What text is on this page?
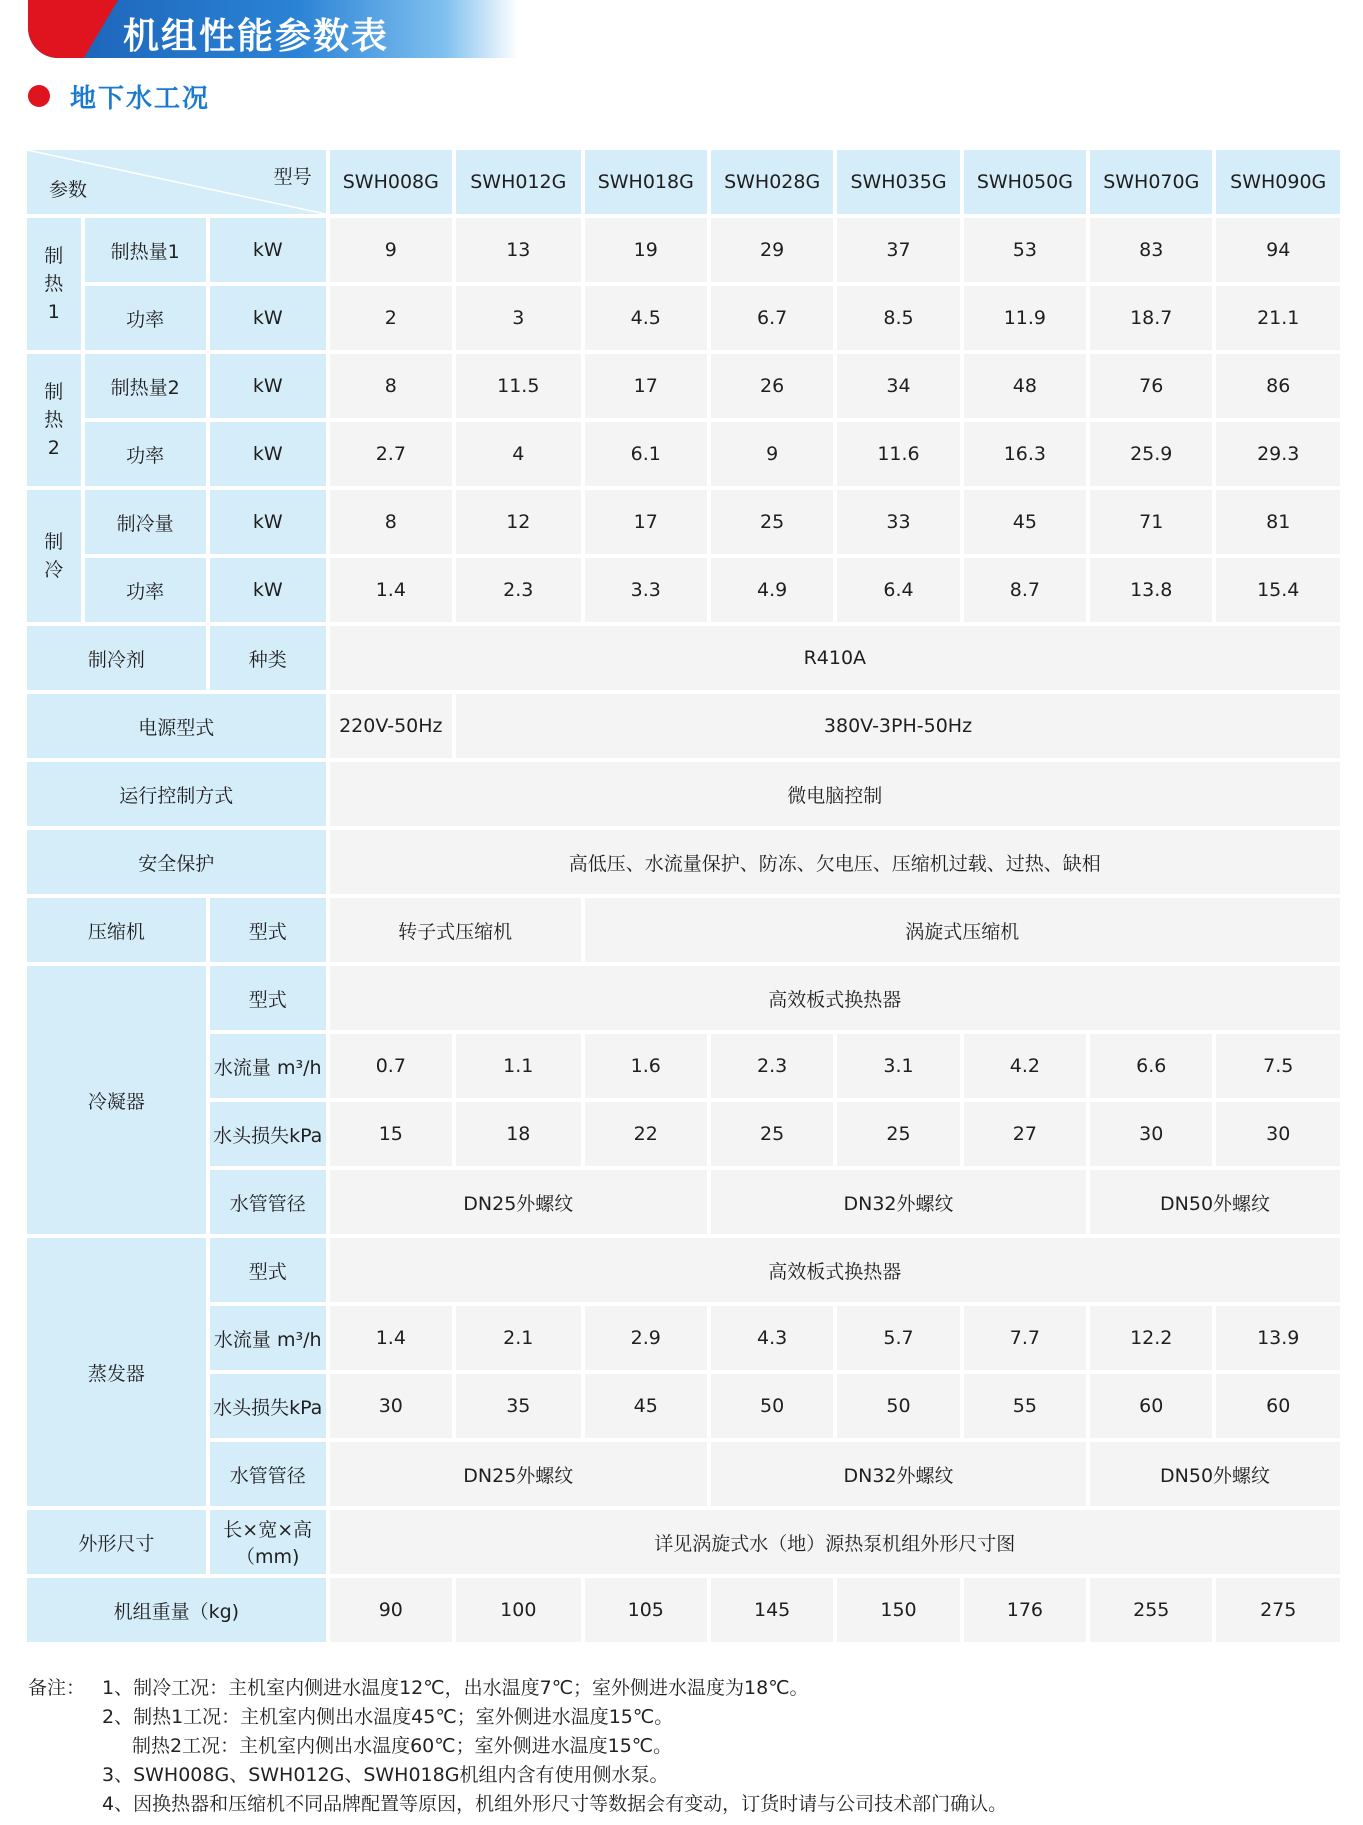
机组性能参数表
地下水工况
型号
参数			SWH008G	SWH012G	SWH018G	SWH028G	SWH035G	SWH050G	SWH070G	SWH090G

制
热
1	制热量1	kW	9	13	19	29	37	53	83	94
	功率	kW	2	3	4.5	6.7	8.5	11.9	18.7	21.1

制
热
2	制热量2	kW	8	11.5	17	26	34	48	76	86
	功率	kW	2.7	4	6.1	9	11.6	16.3	25.9	29.3

制
冷	制冷量	kW	8	12	17	25	33	45	71	81
	功率	kW	1.4	2.3	3.3	4.9	6.4	8.7	13.8	15.4
制冷剂		种类	R410A							
电源型式			220V-50Hz	380V-3PH-50Hz						
运行控制方式			微电脑控制							
安全保护			高低压、水流量保护、防冻、欠电压、压缩机过载、过热、缺相							
压缩机		型式	转子式压缩机		涡旋式压缩机					
冷凝器		型式	高效板式换热器							
		水流量 m³/h	0.7	1.1	1.6	2.3	3.1	4.2	6.6	7.5
		水头损失kPa	15	18	22	25	25	27	30	30
		水管管径	DN25外螺纹			DN32外螺纹			DN50外螺纹	
蒸发器		型式	高效板式换热器							
		水流量 m³/h	1.4	2.1	2.9	4.3	5.7	7.7	12.2	13.9
		水头损失kPa	30	35	45	50	50	55	60	60
		水管管径	DN25外螺纹			DN32外螺纹			DN50外螺纹	
外形尺寸		长×宽×高（mm)	详见涡旋式水（地）源热泵机组外形尺寸图							
机组重量（kg)			90	100	105	145	150	176	255	275
备注： 1、制冷工况：主机室内侧进水温度12℃，出水温度7℃；室外侧进水温度为18℃。
2、制热1工况：主机室内侧出水温度45℃；室外侧进水温度15℃。
制热2工况：主机室内侧出水温度60℃；室外侧进水温度15℃。
3、SWH008G、SWH012G、SWH018G机组内含有使用侧水泵。
4、因换热器和压缩机不同品牌配置等原因，机组外形尺寸等数据会有变动，订货时请与公司技术部门确认。
